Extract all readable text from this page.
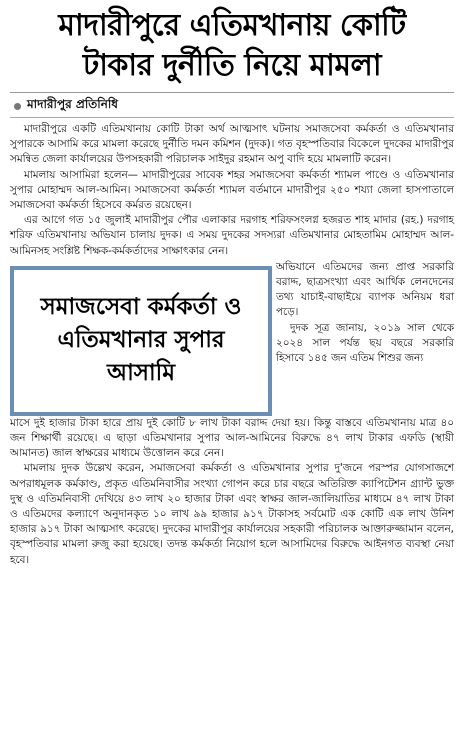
মাদারীপুরে এতিমখানায় কোটি
টাকার দুর্নীতি নিয়ে মামলা
মাদারীপুর প্রতিনিধি

মাদারীপুরে একটি এতিমখানায় কোটি টাকা অর্থ আত্মসাৎ ঘটনায় সমাজসেবা কর্মকর্তা ও এতিমখানার সুপারকে আসামি করে মামলা করেছে দুর্নীতি দমন কমিশন (দুদক)। গত বৃহস্পতিবার বিকেলে দুদকের মাদারীপুর সমন্বিত জেলা কার্যালয়ের উপসহকারী পরিচালক সাইদুর রহমান অপু বাদি হয়ে মামলাটি করেন।

মামলায় আসামিরা হলেন— মাদারীপুরের সাবেক শহর সমাজসেবা কর্মকর্তা শ্যামল পাণ্ডে ও এতিমখানার সুপার মোহাম্মদ আল-আমিন। সমাজসেবা কর্মকর্তা শ্যামল বর্তমানে মাদারীপুর ২৫০ শয্যা জেলা হাসপাতালে সমাজসেবা কর্মকর্তা হিসেবে কর্মরত রয়েছেন।

এর আগে গত ১৫ জুলাই মাদারীপুর পৌর এলাকার দরগাহ শরিফসংলগ্ন হজরত শাহ মাদার (রহ.) দরগাহ শরিফ এতিমখানায় অভিযান চালায় দুদক। এ সময় দুদকের সদস্যরা এতিমখানার মোহতামিম মোহাম্মদ আল-আমিনসহ সংশ্লিষ্ট শিক্ষক-কর্মকর্তাদের সাক্ষাৎকার নেন।

সমাজসেবা কর্মকর্তা ও এতিমখানার সুপার আসামি

অভিযানে এতিমদের জন্য প্রাপ্ত সরকারি বরাদ্দ, ছাত্রসংখ্যা এবং আর্থিক লেনদেনের তথ্য যাচাই-বাছাইয়ে ব্যাপক অনিয়ম ধরা পড়ে।

দুদক সূত্র জানায়, ২০১৯ সাল থেকে ২০২৪ সাল পর্যন্ত ছয় বছরে সরকারি হিসাবে ১৪৫ জন এতিম শিশুর জন্য

মাসে দুই হাজার টাকা হারে প্রায় দুই কোটি ৮ লাখ টাকা বরাদ্দ দেয়া হয়। কিন্তু বাস্তবে এতিমখানায় মাত্র ৪০ জন শিক্ষার্থী রয়েছে। এ ছাড়া এতিমখানার সুপার আল-আমিনের বিরুদ্ধে ৪৭ লাখ টাকার এফডি (স্থায়ী আমানত) জাল স্বাক্ষরের মাধ্যমে উত্তোলন করে নেন।

মামলায় দুদক উল্লেখ করেন, সমাজসেবা কর্মকর্তা ও এতিমখানার সুপার দু'জনে পরস্পর যোগসাজশে অপরাধমূলক কর্মকাণ্ড, প্রকৃত এতিমনিবাসীর সংখ্যা গোপন করে চার বছরে অতিরিক্ত ক্যাপিটেশন গ্র্যান্ট ভুক্ত দুস্থ ও এতিমনিবাসী দেখিয়ে ৪৩ লাখ ২০ হাজার টাকা এবং স্বাক্ষর জাল-জালিয়াতির মাধ্যমে ৪৭ লাখ টাকা ও এতিমদের কল্যাণে অনুদানকৃত ১০ লাখ ৯৯ হাজার ৯১৭ টাকাসহ সর্বমোট এক কোটি এক লাখ উনিশ হাজার ৯১৭ টাকা আত্মসাৎ করেছে। দুদকের মাদারীপুর কার্যালয়ের সহকারী পরিচালক আক্তারুজ্জামান বলেন, বৃহস্পতিবার মামলা রুজু করা হয়েছে। তদন্ত কর্মকর্তা নিয়োগ হলে আসামিদের বিরুদ্ধে আইনগত ব্যবস্থা নেয়া হবে।
